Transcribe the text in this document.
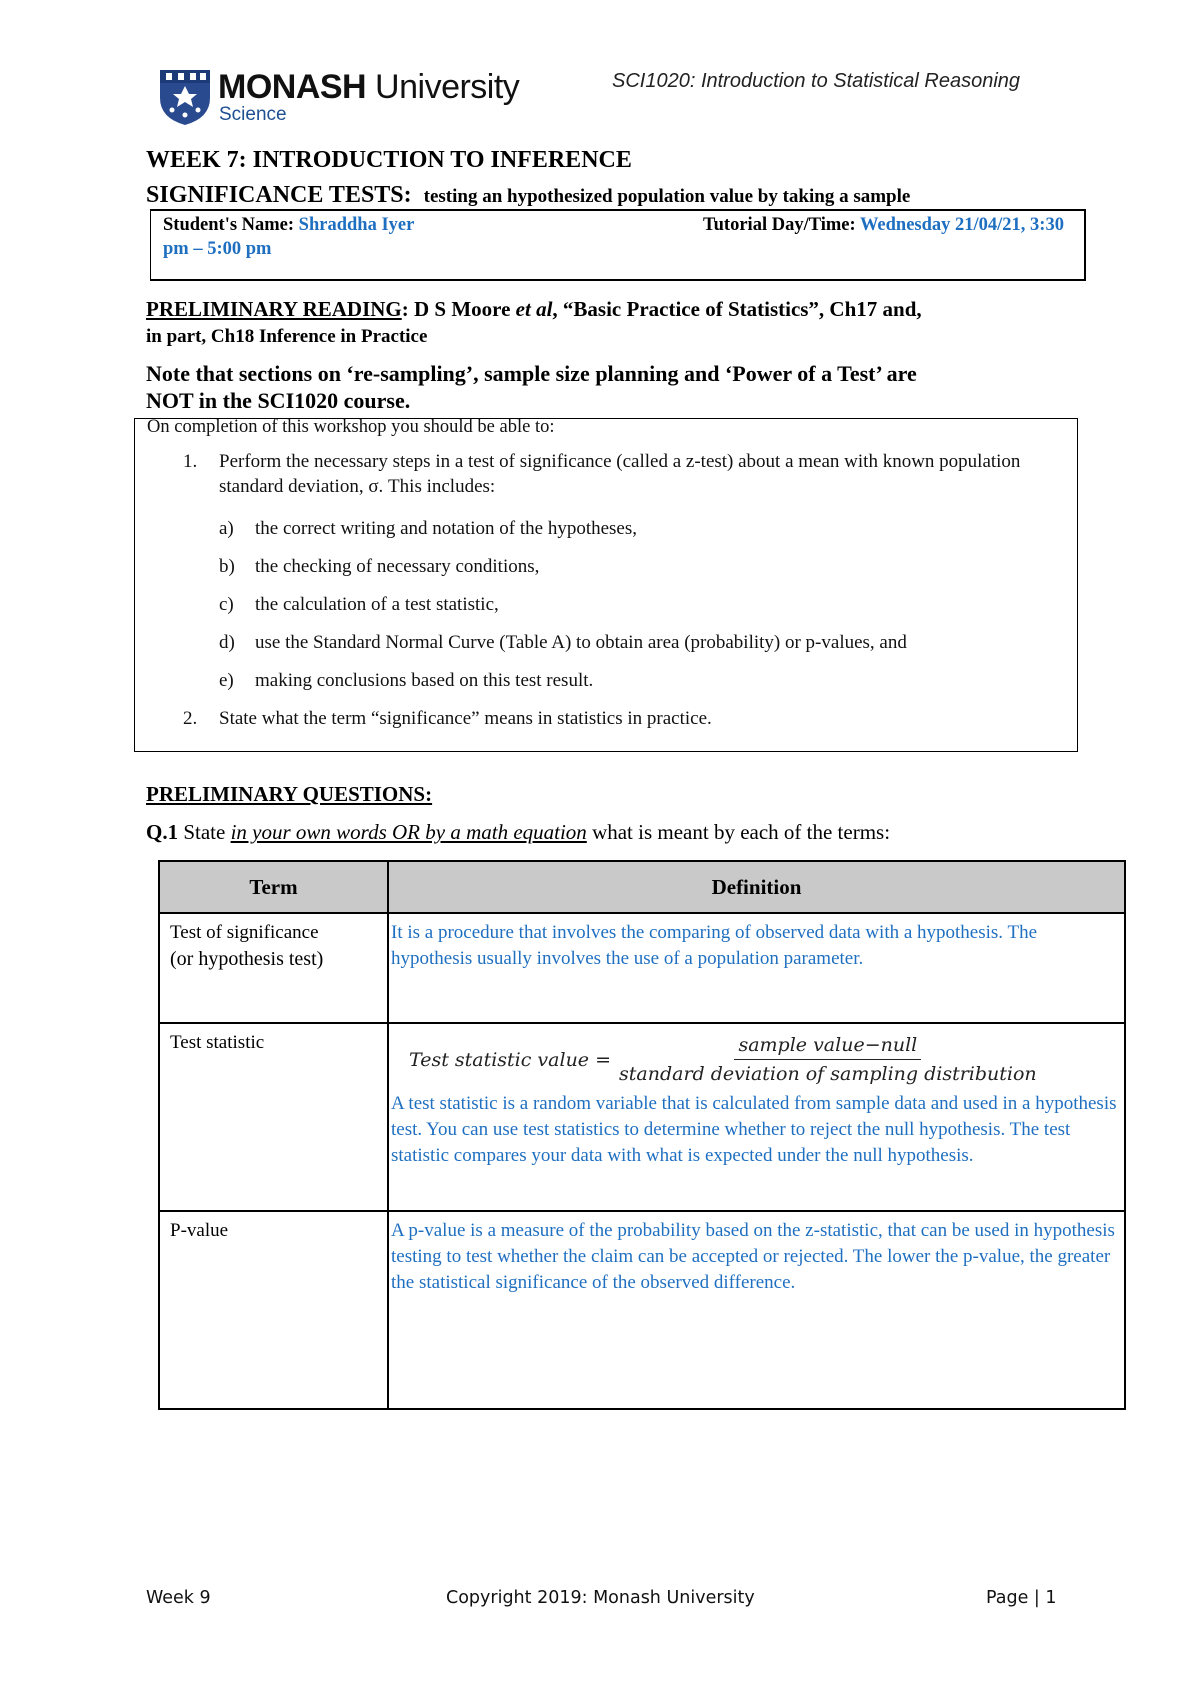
MONASH University
Science
SCI1020: Introduction to Statistical Reasoning
WEEK 7: INTRODUCTION TO INFERENCE
SIGNIFICANCE TESTS: testing an hypothesized population value by taking a sample
Student's Name: Shraddha Iyer	Tutorial Day/Time: Wednesday 21/04/21, 3:30

pm – 5:00 pm
PRELIMINARY READING: D S Moore et al, “Basic Practice of Statistics”, Ch17 and,
in part, Ch18 Inference in Practice
Note that sections on ‘re-sampling’, sample size planning and ‘Power of a Test’ are
NOT in the SCI1020 course.
On completion of this workshop you should be able to:
1. Perform the necessary steps in a test of significance (called a z-test) about a mean with known population standard deviation, σ. This includes:
a) the correct writing and notation of the hypotheses,
b) the checking of necessary conditions,
c) the calculation of a test statistic,
d) use the Standard Normal Curve (Table A) to obtain area (probability) or p-values, and
e) making conclusions based on this test result.
2. State what the term “significance” means in statistics in practice.
PRELIMINARY QUESTIONS:
Q.1 State in your own words OR by a math equation what is meant by each of the terms:
Term	Definition
Test of significance
(or hypothesis test)	It is a procedure that involves the comparing of observed data with a hypothesis. The hypothesis usually involves the use of a population parameter.
Test statistic	Test statistic value = $\frac{\text{sample value−null}}{\text{standard deviation of sampling distribution}}$
A test statistic is a random variable that is calculated from sample data and used in a hypothesis test. You can use test statistics to determine whether to reject the null hypothesis. The test statistic compares your data with what is expected under the null hypothesis.

P-value	A p-value is a measure of the probability based on the z-statistic, that can be used in hypothesis testing to test whether the claim can be accepted or rejected. The lower the p-value, the greater the statistical significance of the observed difference.
Week 9	Copyright 2019: Monash University	Page | 1
